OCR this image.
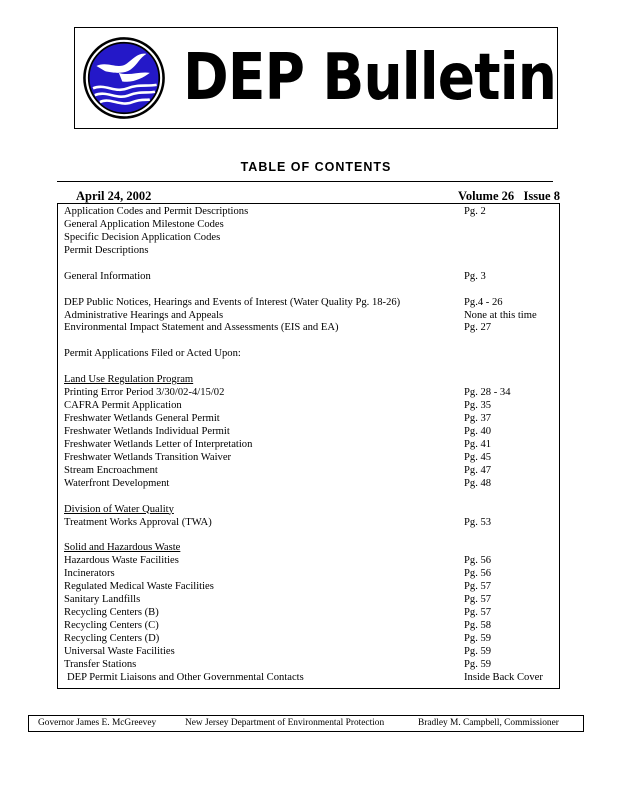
DEP Bulletin
TABLE OF CONTENTS
April 24, 2002	Volume 26 Issue 8
Application Codes and Permit Descriptions	Pg. 2
General Application Milestone Codes
Specific Decision Application Codes
Permit Descriptions
General Information	Pg. 3
DEP Public Notices, Hearings and Events of Interest (Water Quality Pg. 18-26)	Pg.4 - 26
Administrative Hearings and Appeals	None at this time
Environmental Impact Statement and Assessments (EIS and EA)	Pg. 27
Permit Applications Filed or Acted Upon:
Land Use Regulation Program
Printing Error Period 3/30/02-4/15/02	Pg. 28 - 34
CAFRA Permit Application	Pg. 35
Freshwater Wetlands General Permit	Pg. 37
Freshwater Wetlands Individual Permit	Pg. 40
Freshwater Wetlands Letter of Interpretation	Pg. 41
Freshwater Wetlands Transition Waiver	Pg. 45
Stream Encroachment	Pg. 47
Waterfront Development	Pg. 48
Division of Water Quality
Treatment Works Approval (TWA)	Pg. 53
Solid and Hazardous Waste
Hazardous Waste Facilities	Pg. 56
Incinerators	Pg. 56
Regulated Medical Waste Facilities	Pg. 57
Sanitary Landfills	Pg. 57
Recycling Centers (B)	Pg. 57
Recycling Centers (C)	Pg. 58
Recycling Centers (D)	Pg. 59
Universal Waste Facilities	Pg. 59
Transfer Stations	Pg. 59
DEP Permit Liaisons and Other Governmental Contacts	Inside Back Cover
Governor James E. McGreevey	New Jersey Department of Environmental Protection	Bradley M. Campbell, Commissioner
